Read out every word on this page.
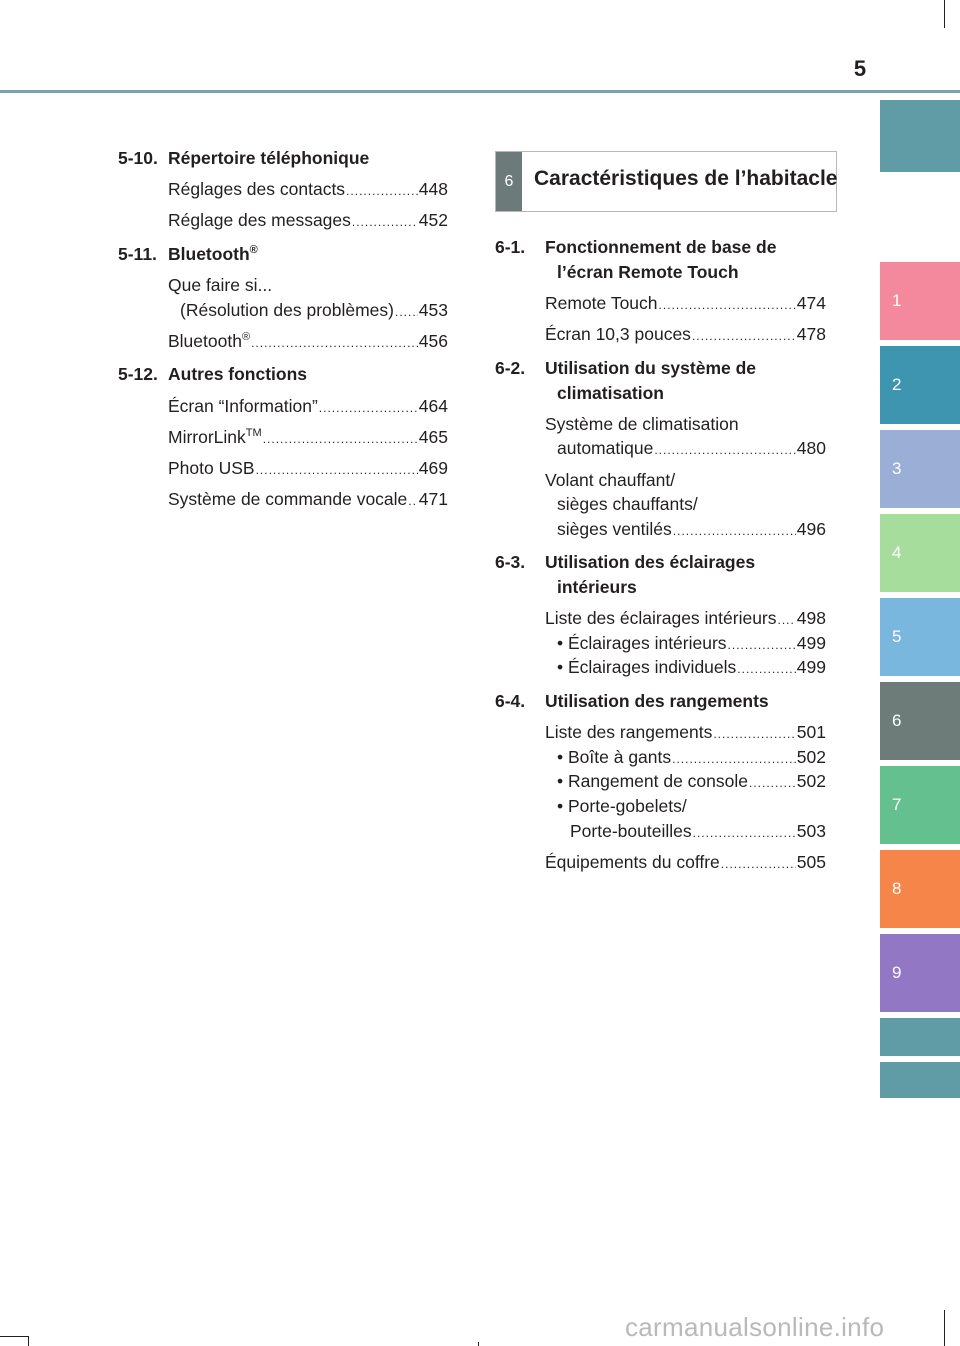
5
1
2
3
4
5
6
7
8
9
5-10. Répertoire téléphonique
Réglages des contacts .....	448
Réglage des messages .....	452
5-11. Bluetooth®
Que faire si...
(Résolution des problèmes) ..... 453
Bluetooth® .....	456
5-12. Autres fonctions
Écran “Information” .....	464
MirrorLink™ .....	465
Photo USB .....	469
Système de commande vocale ..... 471
6 Caractéristiques de l’habitacle
6-1. Fonctionnement de base de
l’écran Remote Touch
Remote Touch .....	474
Écran 10,3 pouces .....	478
6-2. Utilisation du système de
climatisation
Système de climatisation
automatique .....	480
Volant chauffant/
sièges chauffants/
sièges ventilés .....	496
6-3. Utilisation des éclairages
intérieurs
Liste des éclairages intérieurs ..... 498
• Éclairages intérieurs .....	499
• Éclairages individuels .....	499
6-4. Utilisation des rangements
Liste des rangements .....	501
• Boîte à gants .....	502
• Rangement de console .....	502
• Porte-gobelets/
Porte-bouteilles .....	503
Équipements du coffre .....	505
carmanualsonline.info
